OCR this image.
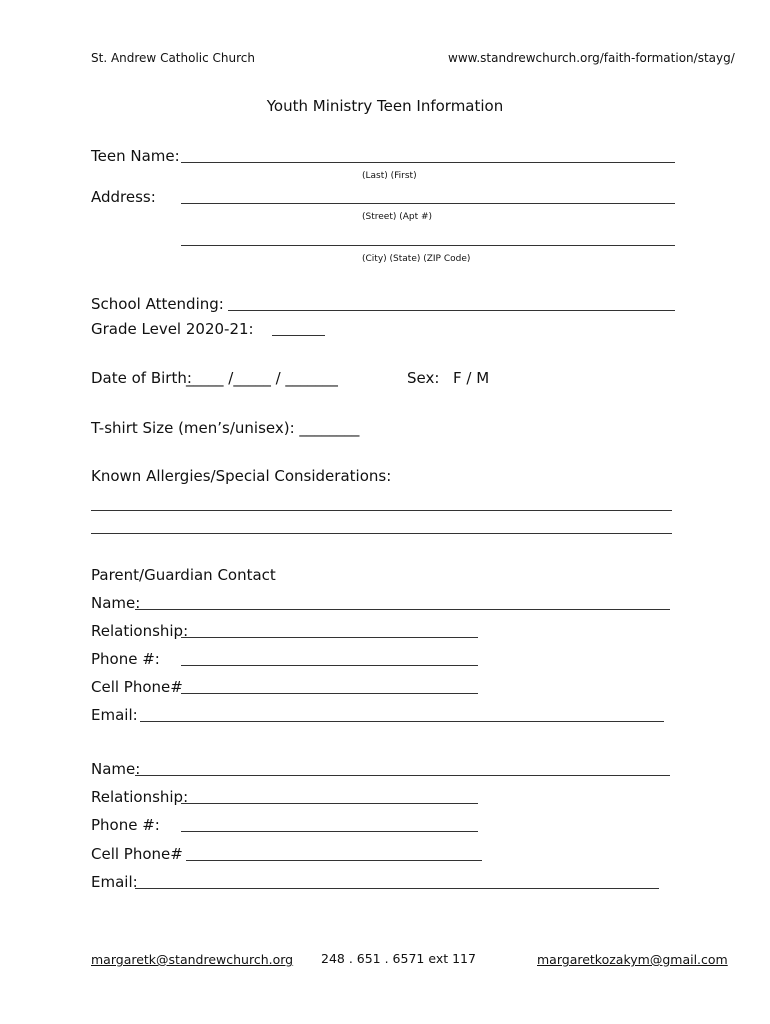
St. Andrew Catholic Church	www.standrewchurch.org/faith-formation/stayg/
Youth Ministry Teen Information
Teen Name:
(Last) (First)
Address:
(Street) (Apt #)
(City) (State) (ZIP Code)
School Attending:
Grade Level 2020-21:
Date of Birth:
_____ /_____ / _______	Sex: F / M
T-shirt Size (men’s/unisex): ________
Known Allergies/Special Considerations:
Parent/Guardian Contact
Name:
Relationship:
Phone #:
Cell Phone#
Email:
Name:
Relationship:
Phone #:
Cell Phone#
Email:
margaretk@standrewchurch.org 248 . 651 . 6571 ext 117	margaretkozakym@gmail.com
